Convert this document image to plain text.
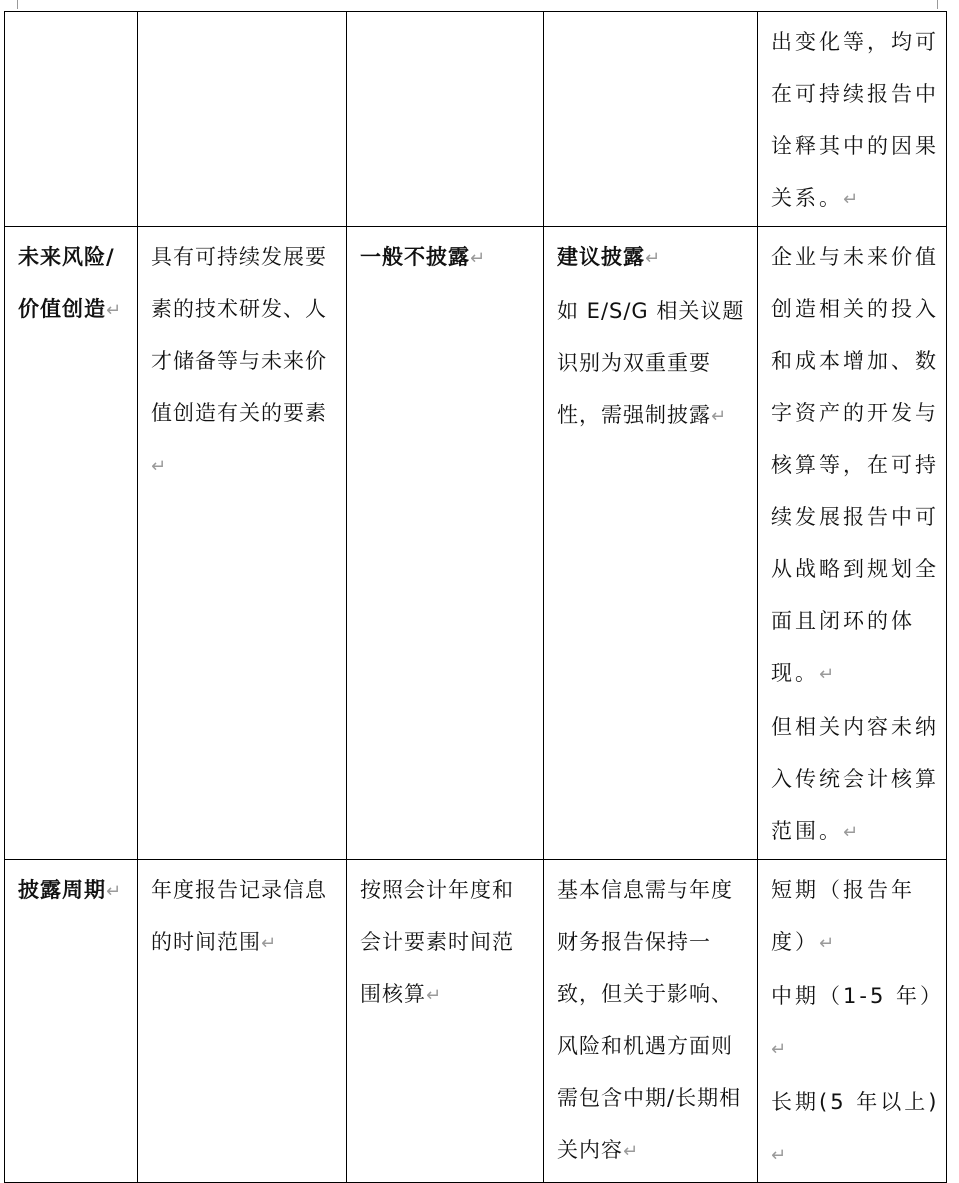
				出变化等，均可在可持续报告中诠释其中的因果关系。↵

未来风险/价值创造↵	具有可持续发展要素的技术研发、人才储备等与未来价值创造有关的要素↵	一般不披露↵	建议披露↵
如 E/S/G 相关议题识别为双重重要性，需强制披露↵	企业与未来价值创造相关的投入和成本增加、数字资产的开发与核算等，在可持续发展报告中可从战略到规划全面且闭环的体现。↵
但相关内容未纳入传统会计核算范围。↵

披露周期↵	年度报告记录信息的时间范围↵	按照会计年度和会计要素时间范围核算↵	基本信息需与年度财务报告保持一致，但关于影响、风险和机遇方面则需包含中期/长期相关内容↵	短期（报告年度）↵
中期（1-5 年）↵
长期(5 年以上)↵
